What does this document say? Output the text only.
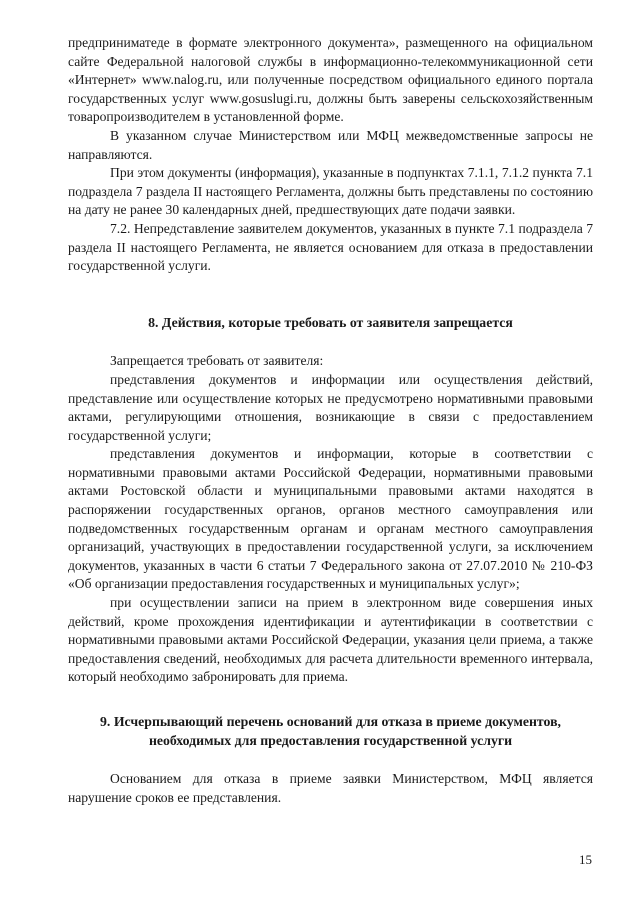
предприниматеде в формате электронного документа», размещенного на официальном сайте Федеральной налоговой службы в информационно-телекоммуникационной сети «Интернет» www.nalog.ru, или полученные посредством официального единого портала государственных услуг www.gosuslugi.ru, должны быть заверены сельскохозяйственным товаропроизводителем в установленной форме.

В указанном случае Министерством или МФЦ межведомственные запросы не направляются.

При этом документы (информация), указанные в подпунктах 7.1.1, 7.1.2 пункта 7.1 подраздела 7 раздела II настоящего Регламента, должны быть представлены по состоянию на дату не ранее 30 календарных дней, предшествующих дате подачи заявки.

7.2. Непредставление заявителем документов, указанных в пункте 7.1 подраздела 7 раздела II настоящего Регламента, не является основанием для отказа в предоставлении государственной услуги.

8. Действия, которые требовать от заявителя запрещается

Запрещается требовать от заявителя:

представления документов и информации или осуществления действий, представление или осуществление которых не предусмотрено нормативными правовыми актами, регулирующими отношения, возникающие в связи с предоставлением государственной услуги;

представления документов и информации, которые в соответствии с нормативными правовыми актами Российской Федерации, нормативными правовыми актами Ростовской области и муниципальными правовыми актами находятся в распоряжении государственных органов, органов местного самоуправления или подведомственных государственным органам и органам местного самоуправления организаций, участвующих в предоставлении государственной услуги, за исключением документов, указанных в части 6 статьи 7 Федерального закона от 27.07.2010 № 210-ФЗ «Об организации предоставления государственных и муниципальных услуг»;

при осуществлении записи на прием в электронном виде совершения иных действий, кроме прохождения идентификации и аутентификации в соответствии с нормативными правовыми актами Российской Федерации, указания цели приема, а также предоставления сведений, необходимых для расчета длительности временного интервала, который необходимо забронировать для приема.

9. Исчерпывающий перечень оснований для отказа в приеме документов,
необходимых для предоставления государственной услуги

Основанием для отказа в приеме заявки Министерством, МФЦ является нарушение сроков ее представления.

15
